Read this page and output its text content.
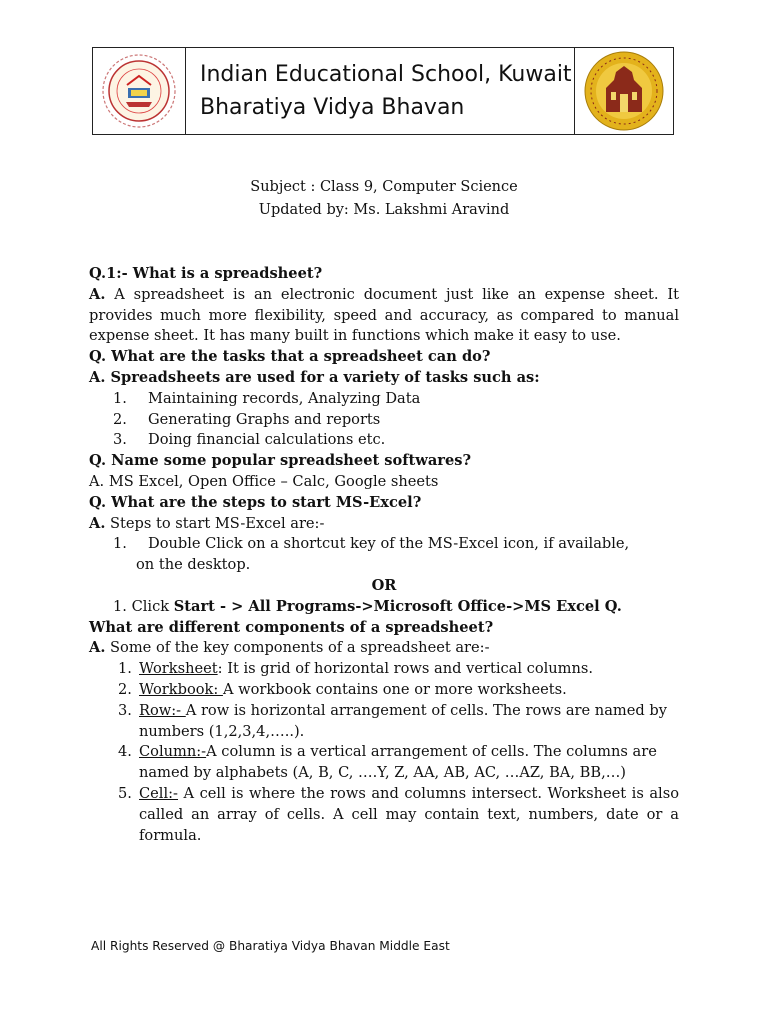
Indian Educational School, Kuwait
Bharatiya Vidya Bhavan
Subject : Class 9, Computer Science
Updated by: Ms. Lakshmi Aravind

Q.1:- What is a spreadsheet?

A. A spreadsheet is an electronic document just like an expense sheet. It provides much more flexibility, speed and accuracy, as compared to manual expense sheet. It has many built in functions which make it easy to use.

Q. What are the tasks that a spreadsheet can do?

A. Spreadsheets are used for a variety of tasks such as:

1.	Maintaining records, Analyzing Data
2.	Generating Graphs and reports
3.	Doing financial calculations etc.

Q. Name some popular spreadsheet softwares?

A. MS Excel, Open Office – Calc, Google sheets

Q. What are the steps to start MS-Excel?

A. Steps to start MS-Excel are:-

1.	Double Click on a shortcut key of the MS-Excel icon, if available,

on the desktop.

OR

1. Click Start - > All Programs->Microsoft Office->MS Excel Q.

What are different components of a spreadsheet?

A. Some of the key components of a spreadsheet are:-

1. Worksheet: It is grid of horizontal rows and vertical columns.
2. Workbook: A workbook contains one or more worksheets.
3. Row:- A row is horizontal arrangement of cells. The rows are named by numbers (1,2,3,4,…..).
4. Column:-A column is a vertical arrangement of cells. The columns are named by alphabets (A, B, C, ….Y, Z, AA, AB, AC, …AZ, BA, BB,…)
5. Cell:- A cell is where the rows and columns intersect. Worksheet is also called an array of cells. A cell may contain text, numbers, date or a formula.
All Rights Reserved @ Bharatiya Vidya Bhavan Middle East
